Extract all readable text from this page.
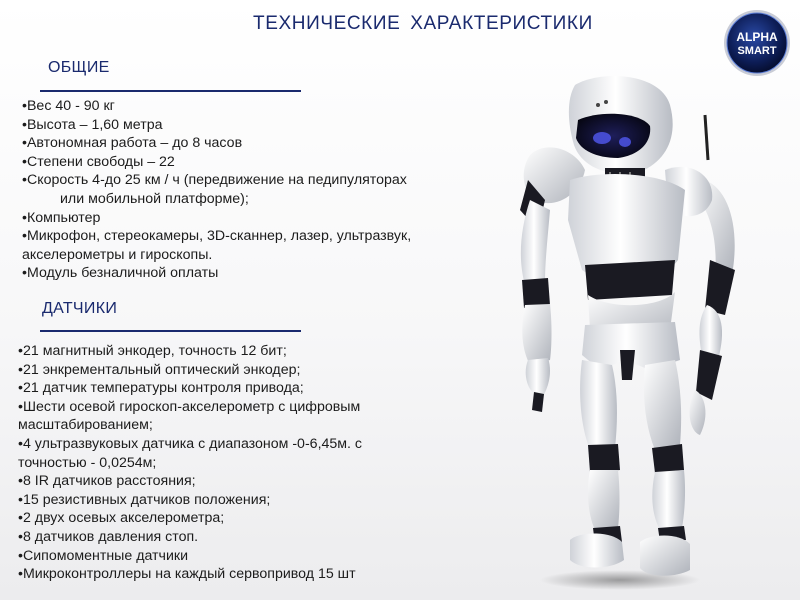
ТЕХНИЧЕСКИЕ ХАРАКТЕРИСТИКИ
ALPHA
SMART
ОБЩИЕ
• Вес 40 - 90 кг
• Высота – 1,60 метра
• Автономная работа – до 8 часов
• Степени свободы – 22
• Скорость 4-до 25 км / ч (передвижение на педипуляторах
или мобильной платформе);
• Компьютер
• Микрофон, стереокамеры, 3D-сканнер, лазер, ультразвук,
акселерометры и гироскопы.
• Модуль безналичной оплаты
ДАТЧИКИ
• 21 магнитный энкодер, точность 12 бит;
• 21 энкрементальный оптический энкодер;
• 21 датчик температуры контроля привода;
• Шести осевой гироскоп-акселерометр с цифровым
масштабированием;
• 4 ультразвуковых датчика с диапазоном -0-6,45м. с
точностью - 0,0254м;
• 8 IR датчиков расстояния;
• 15 резистивных датчиков положения;
• 2 двух осевых акселерометра;
• 8 датчиков давления стоп.
• Сипомоментные датчики
• Микроконтроллеры на каждый сервопривод 15 шт
